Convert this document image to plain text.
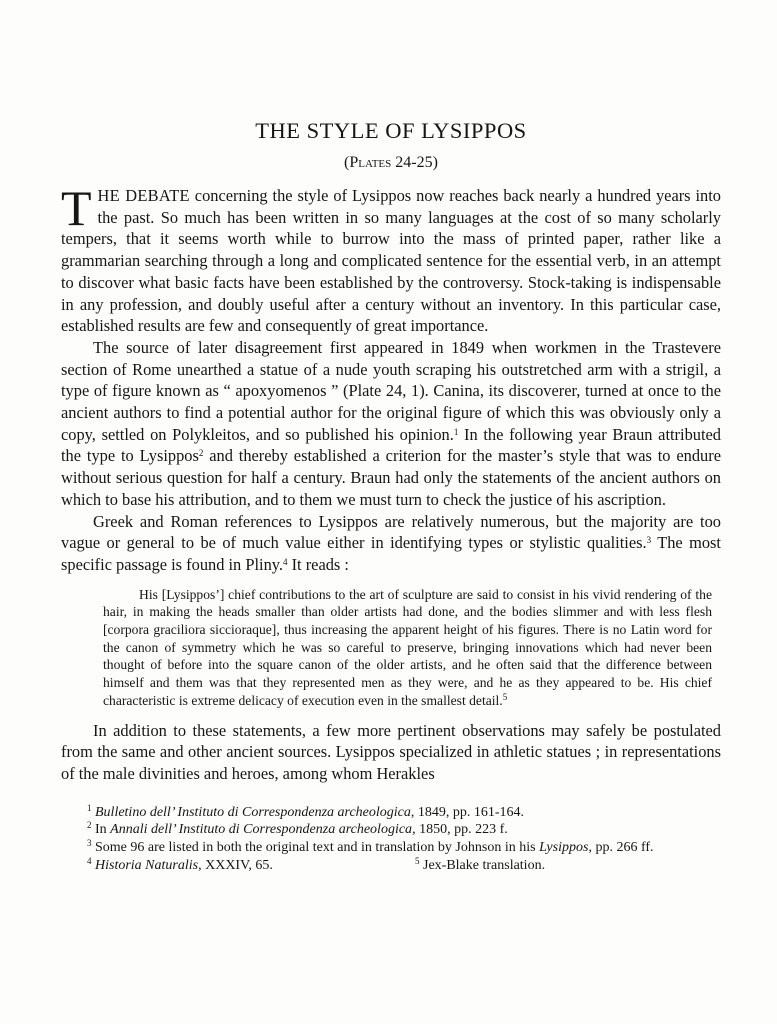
THE STYLE OF LYSIPPOS
(Plates 24-25)

THE DEBATE concerning the style of Lysippos now reaches back nearly a hundred years into the past. So much has been written in so many languages at the cost of so many scholarly tempers, that it seems worth while to burrow into the mass of printed paper, rather like a grammarian searching through a long and complicated sentence for the essential verb, in an attempt to discover what basic facts have been established by the controversy. Stock-taking is indispensable in any profession, and doubly useful after a century without an inventory. In this particular case, established results are few and consequently of great importance.

The source of later disagreement first appeared in 1849 when workmen in the Trastevere section of Rome unearthed a statue of a nude youth scraping his outstretched arm with a strigil, a type of figure known as “ apoxyomenos ” (Plate 24, 1). Canina, its discoverer, turned at once to the ancient authors to find a potential author for the original figure of which this was obviously only a copy, settled on Polykleitos, and so published his opinion.$^1$ In the following year Braun attributed the type to Lysippos$^2$ and thereby established a criterion for the master’s style that was to endure without serious question for half a century. Braun had only the statements of the ancient authors on which to base his attribution, and to them we must turn to check the justice of his ascription.

Greek and Roman references to Lysippos are relatively numerous, but the majority are too vague or general to be of much value either in identifying types or stylistic qualities.$^3$ The most specific passage is found in Pliny.$^4$ It reads :

His [Lysippos’] chief contributions to the art of sculpture are said to consist in his vivid rendering of the hair, in making the heads smaller than older artists had done, and the bodies slimmer and with less flesh [corpora graciliora siccioraque], thus increasing the apparent height of his figures. There is no Latin word for the canon of symmetry which he was so careful to preserve, bringing innovations which had never been thought of before into the square canon of the older artists, and he often said that the difference between himself and them was that they represented men as they were, and he as they appeared to be. His chief characteristic is extreme delicacy of execution even in the smallest detail.$^5$

In addition to these statements, a few more pertinent observations may safely be postulated from the same and other ancient sources. Lysippos specialized in athletic statues ; in representations of the male divinities and heroes, among whom Herakles

$^1$ Bulletino dell’ Instituto di Correspondenza archeologica, 1849, pp. 161-164.
$^2$ In Annali dell’ Instituto di Correspondenza archeologica, 1850, pp. 223 f.
$^3$ Some 96 are listed in both the original text and in translation by Johnson in his Lysippos, pp. 266 ff.
$^4$ Historia Naturalis, XXXIV, 65.	$^5$ Jex-Blake translation.
